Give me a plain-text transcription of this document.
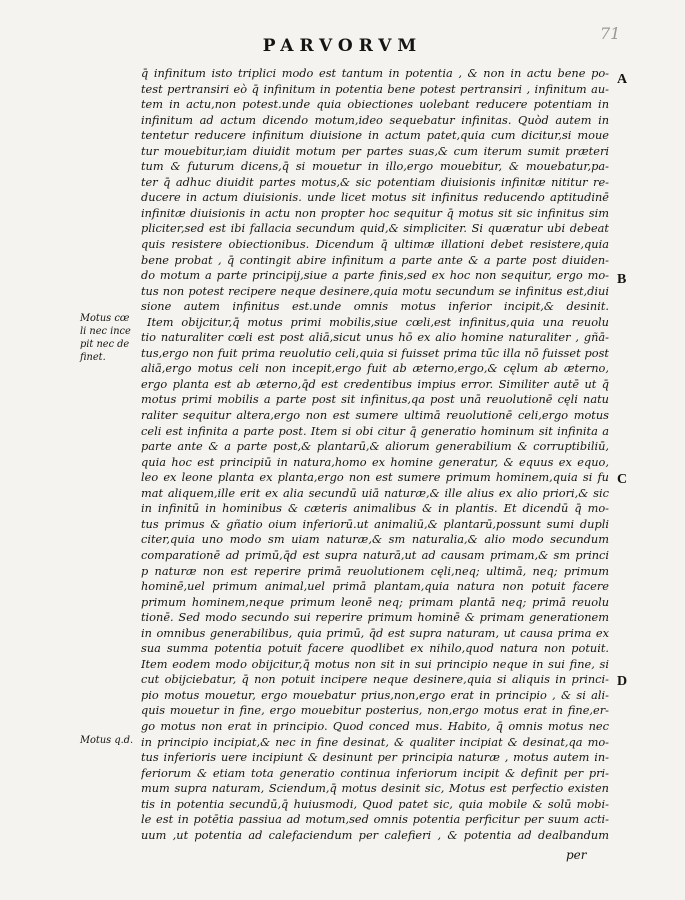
PARVORVM
71
q̄ infinitum isto triplici modo est tantum in potentia , & non in actu bene po-
test pertransiri eò q̄ infinitum in potentia bene potest pertransiri , infinitum au-
tem in actu,non potest.unde quia obiectiones uolebant reducere potentiam in
infinitum ad actum dicendo motum,ideo sequebatur infinitas. Quòd autem in
tentetur reducere infinitum diuisione in actum patet,quia cum dicitur,si moue
tur mouebitur,iam diuidit motum per partes suas,& cum iterum sumit præteri
tum & futurum dicens,q̄ si mouetur in illo,ergo mouebitur, & mouebatur,pa-
ter q̄ adhuc diuidit partes motus,& sic potentiam diuisionis infinitæ nititur re-
ducere in actum diuisionis. unde licet motus sit infinitus reducendo aptitudinē
infinitæ diuisionis in actu non propter hoc sequitur q̄ motus sit sic infinitus sim
pliciter,sed est ibi fallacia secundum quid,& simpliciter. Si quæratur ubi debeat
quis resistere obiectionibus. Dicendum q̄ ultimæ illationi debet resistere,quia
bene probat , q̄ contingit abire infinitum a parte ante & a parte post diuiden-
do motum a parte principij,siue a parte finis,sed ex hoc non sequitur, ergo mo-
tus non potest recipere neque desinere,quia motu secundum se infinitus est,diui
sione autem infinitus est.unde omnis motus inferior incipit,& desinit.
Item obijcitur,q̄ motus primi mobilis,siue cœli,est infinitus,quia una reuolu
tio naturaliter cœli est post aliā,sicut unus hō ex alio homine naturaliter , gñā-
tus,ergo non fuit prima reuolutio celi,quia si fuisset prima tūc illa nō fuisset post
aliā,ergo motus celi non incepit,ergo fuit ab æterno,ergo,& cęlum ab æterno,
ergo planta est ab æterno,q̄d est credentibus impius error. Similiter autē ut q̄
motus primi mobilis a parte post sit infinitus,qa post unā reuolutionē cęli natu
raliter sequitur altera,ergo non est sumere ultimā reuolutionē celi,ergo motus
celi est infinita a parte post. Item si obi citur q̄ generatio hominum sit infinita a
parte ante & a parte post,& plantarū,& aliorum generabilium & corruptibiliū,
quia hoc est principiū in natura,homo ex homine generatur, & equus ex equo,
leo ex leone planta ex planta,ergo non est sumere primum hominem,quia si fu
mat aliquem,ille erit ex alia secundū uiā naturæ,& ille alius ex alio priori,& sic
in infinitū in hominibus & cæteris animalibus & in plantis. Et dicendū q̄ mo-
tus primus & gñatio oium inferiorū.ut animaliū,& plantarū,possunt sumi dupli
citer,quia uno modo sm uiam naturæ,& sm naturalia,& alio modo secundum
comparationē ad primū,q̄d est supra naturā,ut ad causam primam,& sm princi
p naturæ non est reperire primā reuolutionem cęli,neq; ultimā, neq; primum
hominē,uel primum animal,uel primā plantam,quia natura non potuit facere
primum hominem,neque primum leonē neq; primam plantā neq; primā reuolu
tionē. Sed modo secundo sui reperire primum hominē & primam generationem
in omnibus generabilibus, quia primū, q̄d est supra naturam, ut causa prima ex
sua summa potentia potuit facere quodlibet ex nihilo,quod natura non potuit.
Item eodem modo obijcitur,q̄ motus non sit in sui principio neque in sui fine, si
cut obijciebatur, q̄ non potuit incipere neque desinere,quia si aliquis in princi-
pio motus mouetur, ergo mouebatur prius,non,ergo erat in principio , & si ali-
quis mouetur in fine, ergo mouebitur posterius, non,ergo motus erat in fine,er-
go motus non erat in principio. Quod conced mus. Habito, q̄ omnis motus nec
in principio incipiat,& nec in fine desinat, & qualiter incipiat & desinat,qa mo-
tus inferioris uere incipiunt & desinunt per principia naturæ , motus autem in-
feriorum & etiam tota generatio continua inferiorum incipit & definit per pri-
mum supra naturam, Sciendum,q̄ motus desinit sic, Motus est perfectio existen
tis in potentia secundū,q̄ huiusmodi, Quod patet sic, quia mobile & solū mobi-
le est in potētia passiua ad motum,sed omnis potentia perficitur per suum acti-
uum ,ut potentia ad calefaciendum per calefieri , & potentia ad dealbandum

Motus cœ
li nec ince
pit nec de
finet.

Motus q.d.

A
B
C
D
per
